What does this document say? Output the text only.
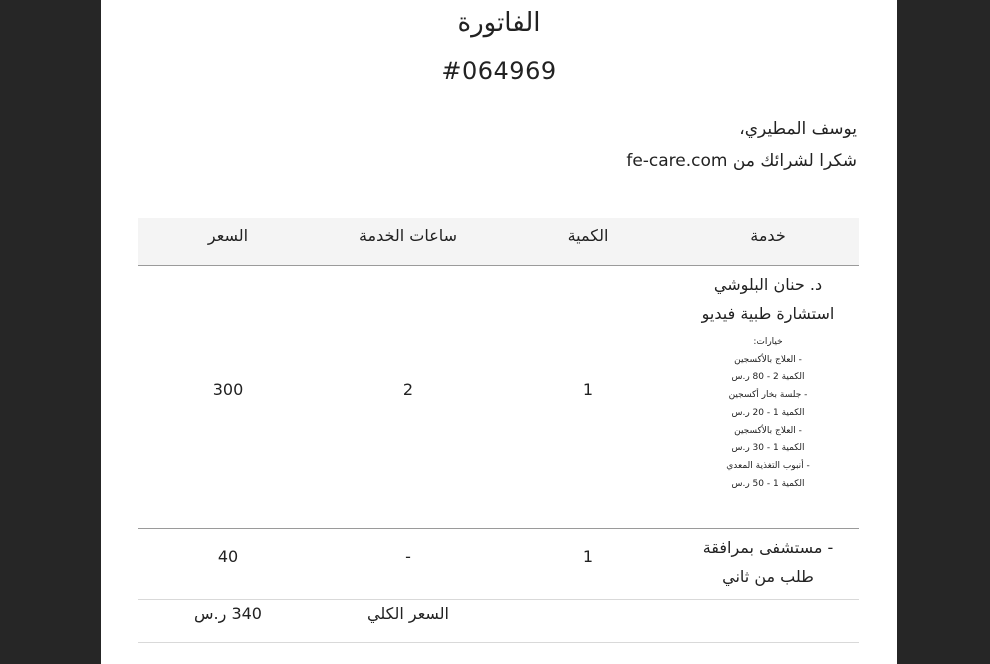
الفاتورة
#064969
يوسف المطيري،
شكرا لشرائك من fe-care.com
خدمة
الكمية
ساعات الخدمة
السعر
د. حنان البلوشي
استشارة طبية فيديو
خيارات:
- العلاج بالأكسجين
الكمية 2 - 80 ر.س
- جلسة بخار أكسجين
الكمية 1 - 20 ر.س
- العلاج بالأكسجين
الكمية 1 - 30 ر.س
- أنبوب التغذية المعدي
الكمية 1 - 50 ر.س
1
2
300
- مستشفى بمرافقة
طلب من ثاني
1
-
40
السعر الكلي
340 ر.س
